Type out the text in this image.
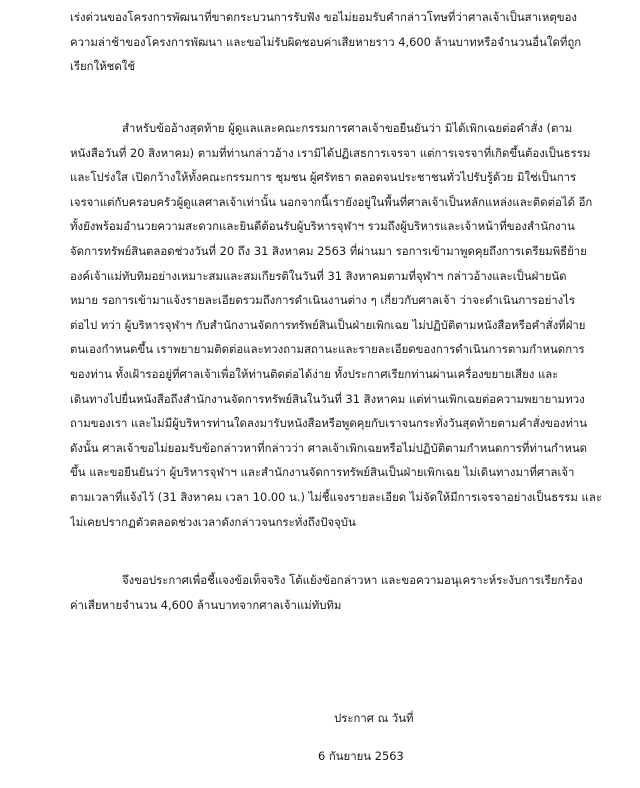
เร่งด่วนของโครงการพัฒนาที่ขาดกระบวนการรับฟัง ขอไม่ยอมรับคำกล่าวโทษที่ว่าศาลเจ้าเป็นสาเหตุของ
ความล่าช้าของโครงการพัฒนา และขอไม่รับผิดชอบค่าเสียหายราว 4,600 ล้านบาทหรือจำนวนอื่นใดที่ถูก
เรียกให้ชดใช้
สำหรับข้ออ้างสุดท้าย ผู้ดูแลและคณะกรรมการศาลเจ้าขอยืนยันว่า มิได้เพิกเฉยต่อคำสั่ง (ตาม
หนังสือวันที่ 20 สิงหาคม) ตามที่ท่านกล่าวอ้าง เรามิได้ปฏิเสธการเจรจา แต่การเจรจาที่เกิดขึ้นต้องเป็นธรรม
และโปร่งใส เปิดกว้างให้ทั้งคณะกรรมการ ชุมชน ผู้ศรัทธา ตลอดจนประชาชนทั่วไปรับรู้ด้วย มิใช่เป็นการ
เจรจาแต่กับครอบครัวผู้ดูแลศาลเจ้าเท่านั้น นอกจากนี้เรายังอยู่ในพื้นที่ศาลเจ้าเป็นหลักแหล่งและติดต่อได้ อีก
ทั้งยังพร้อมอำนวยความสะดวกและยินดีต้อนรับผู้บริหารจุฬาฯ รวมถึงผู้บริหารและเจ้าหน้าที่ของสำนักงาน
จัดการทรัพย์สินตลอดช่วงวันที่ 20 ถึง 31 สิงหาคม 2563 ที่ผ่านมา รอการเข้ามาพูดคุยถึงการเตรียมพิธีย้าย
องค์เจ้าแม่ทับทิมอย่างเหมาะสมและสมเกียรติในวันที่ 31 สิงหาคมตามที่จุฬาฯ กล่าวอ้างและเป็นฝ่ายนัด
หมาย รอการเข้ามาแจ้งรายละเอียดรวมถึงการดำเนินงานต่าง ๆ เกี่ยวกับศาลเจ้า ว่าจะดำเนินการอย่างไร
ต่อไป ทว่า ผู้บริหารจุฬาฯ กับสำนักงานจัดการทรัพย์สินเป็นฝ่ายเพิกเฉย ไม่ปฏิบัติตามหนังสือหรือคำสั่งที่ฝ่าย
ตนเองกำหนดขึ้น เราพยายามติดต่อและทวงถามสถานะและรายละเอียดของการดำเนินการตามกำหนดการ
ของท่าน ทั้งเฝ้ารออยู่ที่ศาลเจ้าเพื่อให้ท่านติดต่อได้ง่าย ทั้งประกาศเรียกท่านผ่านเครื่องขยายเสียง และ
เดินทางไปยื่นหนังสือถึงสำนักงานจัดการทรัพย์สินในวันที่ 31 สิงหาคม แต่ท่านเพิกเฉยต่อความพยายามทวง
ถามของเรา และไม่มีผู้บริหารท่านใดลงมารับหนังสือหรือพูดคุยกับเราจนกระทั่งวันสุดท้ายตามคำสั่งของท่าน
ดังนั้น ศาลเจ้าขอไม่ยอมรับข้อกล่าวหาที่กล่าวว่า ศาลเจ้าเพิกเฉยหรือไม่ปฏิบัติตามกำหนดการที่ท่านกำหนด
ขึ้น และขอยืนยันว่า ผู้บริหารจุฬาฯ และสำนักงานจัดการทรัพย์สินเป็นฝ่ายเพิกเฉย ไม่เดินทางมาที่ศาลเจ้า
ตามเวลาที่แจ้งไว้ (31 สิงหาคม เวลา 10.00 น.) ไม่ชี้แจงรายละเอียด ไม่จัดให้มีการเจรจาอย่างเป็นธรรม และ
ไม่เคยปรากฏตัวตลอดช่วงเวลาดังกล่าวจนกระทั่งถึงปัจจุบัน
จึงขอประกาศเพื่อชี้แจงข้อเท็จจริง โต้แย้งข้อกล่าวหา และขอความอนุเคราะห์ระงับการเรียกร้อง
ค่าเสียหายจำนวน 4,600 ล้านบาทจากศาลเจ้าแม่ทับทิม
ประกาศ ณ วันที่
6 กันยายน 2563
